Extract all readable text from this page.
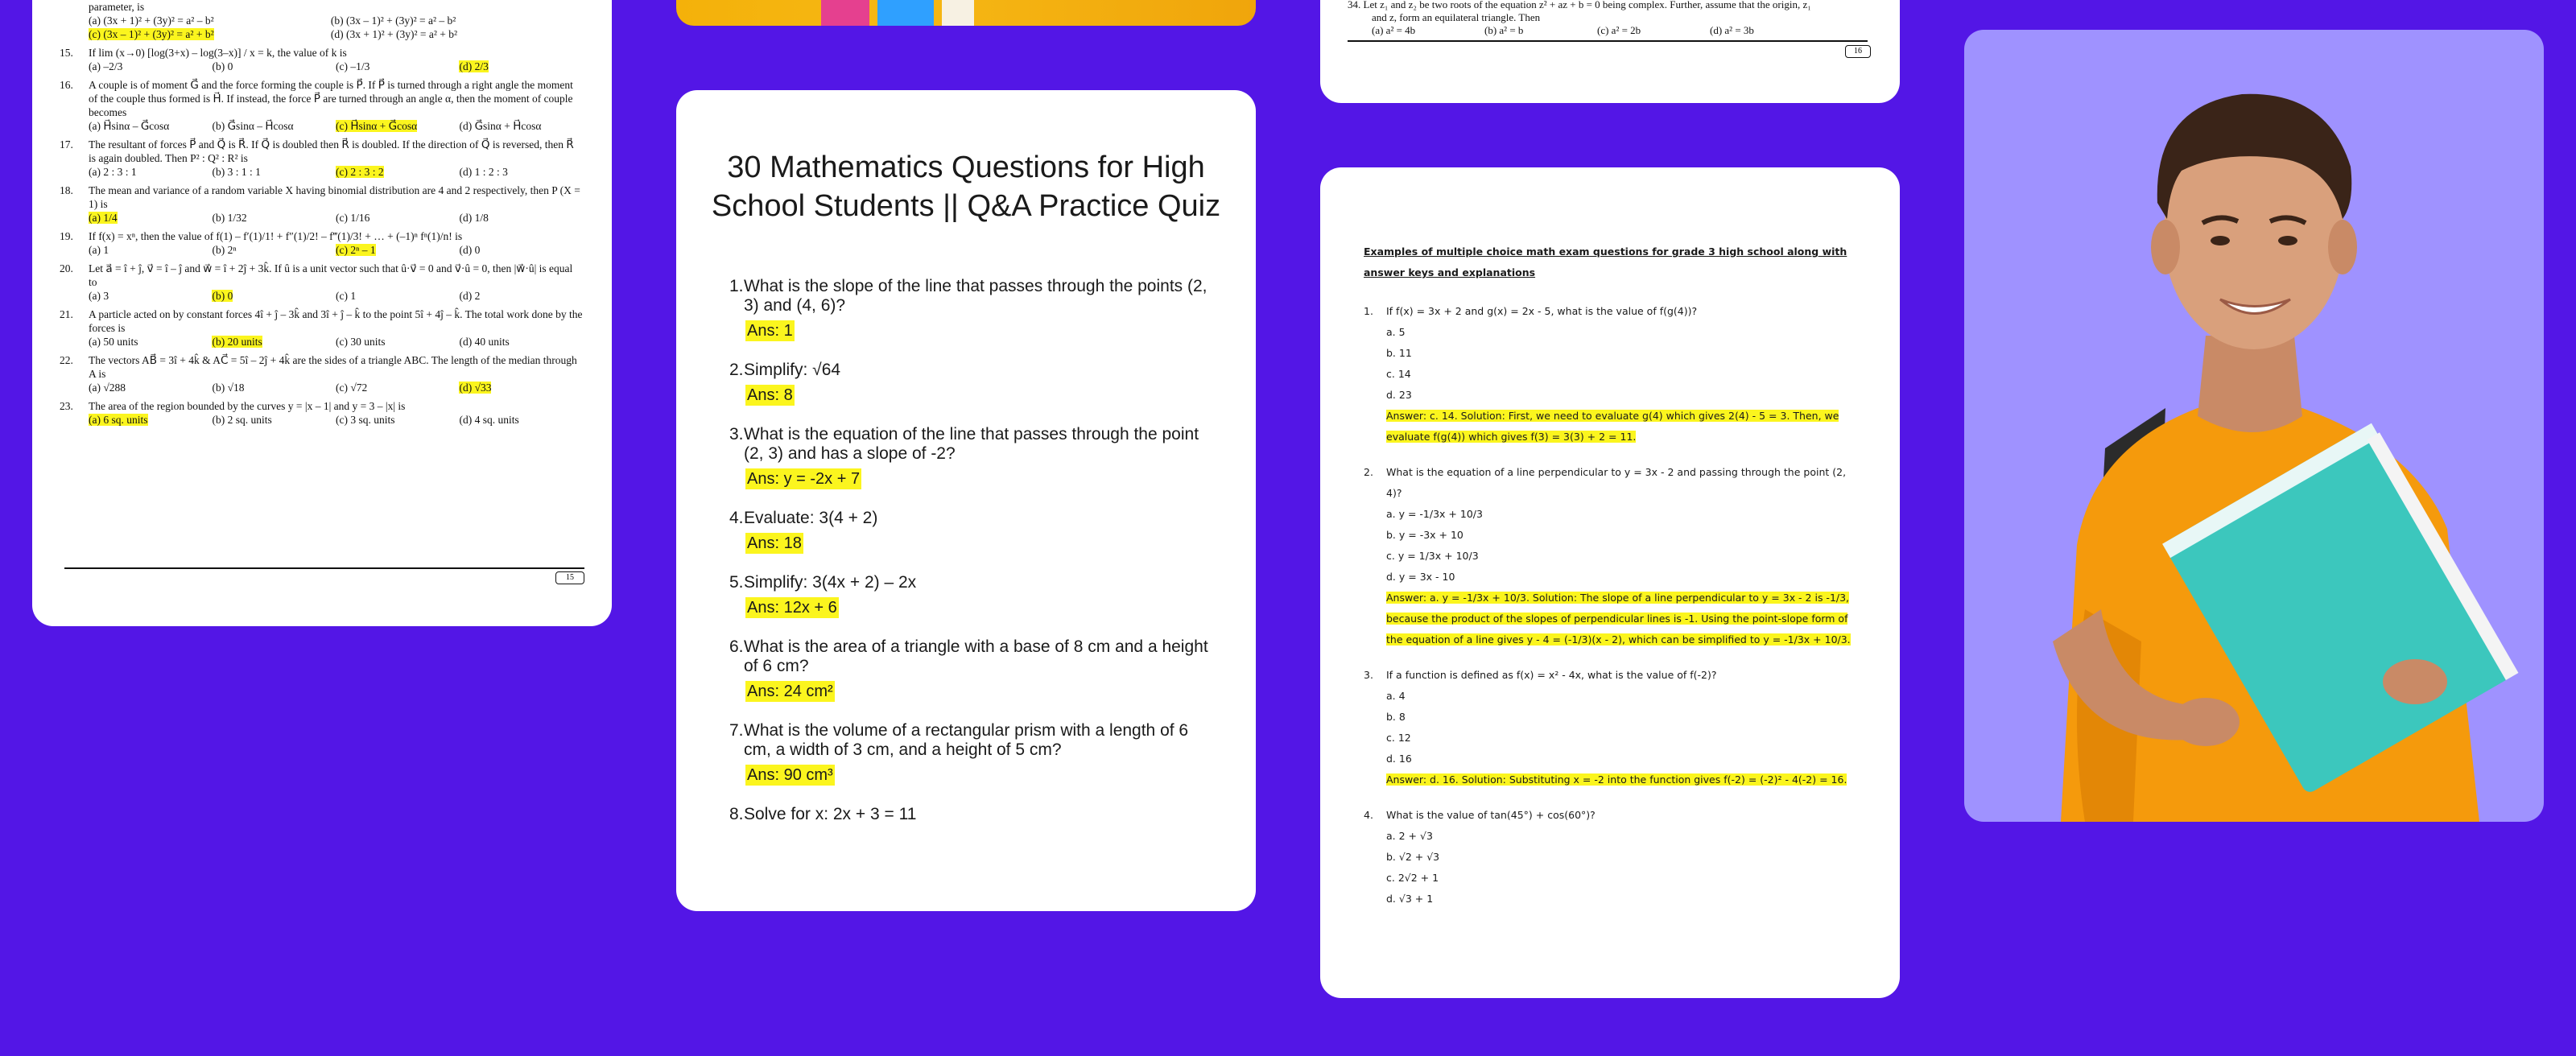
parameter, is
(a) (3x + 1)² + (3y)² = a² – b²	(b) (3x – 1)² + (3y)² = a² – b²
(c) (3x – 1)² + (3y)² = a² + b²	(d) (3x + 1)² + (3y)² = a² + b²
15. If lim (x→0) [log(3+x) – log(3–x)] / x = k, the value of k is
(a) –2/3	(b) 0	(c) –1/3	(d) 2/3
16. A couple is of moment G⃗ and the force forming the couple is P⃗. If P⃗ is turned through a right angle the moment of the couple thus formed is H⃗. If instead, the force P⃗ are turned through an angle α, then the moment of couple becomes
(a) H⃗sinα – G⃗cosα	(b) G⃗sinα – H⃗cosα	(c) H⃗sinα + G⃗cosα	(d) G⃗sinα + H⃗cosα
17. The resultant of forces P⃗ and Q⃗ is R⃗. If Q⃗ is doubled then R⃗ is doubled. If the direction of Q⃗ is reversed, then R⃗ is again doubled. Then P² : Q² : R² is
(a) 2 : 3 : 1	(b) 3 : 1 : 1	(c) 2 : 3 : 2	(d) 1 : 2 : 3
18. The mean and variance of a random variable X having binomial distribution are 4 and 2 respectively, then P (X = 1) is
(a) 1/4	(b) 1/32	(c) 1/16	(d) 1/8
19. If f(x) = xⁿ, then the value of f(1) – f′(1)/1! + f″(1)/2! – f‴(1)/3! + … + (–1)ⁿ fⁿ(1)/n! is
(a) 1	(b) 2ⁿ	(c) 2ⁿ – 1	(d) 0
20. Let a⃗ = î + ĵ, v⃗ = î – ĵ and w⃗ = î + 2ĵ + 3k̂. If û is a unit vector such that û·v⃗ = 0 and v⃗·û = 0, then |w⃗·û| is equal to
(a) 3	(b) 0	(c) 1	(d) 2
21. A particle acted on by constant forces 4î + ĵ – 3k̂ and 3î + ĵ – k̂ to the point 5î + 4ĵ – k̂. The total work done by the forces is
(a) 50 units	(b) 20 units	(c) 30 units	(d) 40 units
22. The vectors AB⃗ = 3î + 4k̂ & AC⃗ = 5î – 2ĵ + 4k̂ are the sides of a triangle ABC. The length of the median through A is
(a) √288	(b) √18	(c) √72	(d) √33
23. The area of the region bounded by the curves y = |x – 1| and y = 3 – |x| is
(a) 6 sq. units	(b) 2 sq. units	(c) 3 sq. units	(d) 4 sq. units
15
30 Mathematics Questions for High School Students || Q&A Practice Quiz
1. What is the slope of the line that passes through the points (2, 3) and (4, 6)?
Ans: 1
2. Simplify: √64
Ans: 8
3. What is the equation of the line that passes through the point (2, 3) and has a slope of -2?
Ans: y = -2x + 7
4. Evaluate: 3(4 + 2)
Ans: 18
5. Simplify: 3(4x + 2) – 2x
Ans: 12x + 6
6. What is the area of a triangle with a base of 8 cm and a height of 6 cm?
Ans: 24 cm²
7. What is the volume of a rectangular prism with a length of 6 cm, a width of 3 cm, and a height of 5 cm?
Ans: 90 cm³
8. Solve for x: 2x + 3 = 11
34. Let z₁ and z₂ be two roots of the equation z² + az + b = 0 being complex. Further, assume that the origin, z₁
and z, form an equilateral triangle. Then
(a) a² = 4b	(b) a² = b	(c) a² = 2b	(d) a² = 3b
16
Examples of multiple choice math exam questions for grade 3 high school along with answer keys and explanations
1. If f(x) = 3x + 2 and g(x) = 2x - 5, what is the value of f(g(4))?
a. 5
b. 11
c. 14
d. 23
Answer: c. 14. Solution: First, we need to evaluate g(4) which gives 2(4) - 5 = 3. Then, we evaluate f(g(4)) which gives f(3) = 3(3) + 2 = 11.
2. What is the equation of a line perpendicular to y = 3x - 2 and passing through the point (2, 4)?
a. y = -1/3x + 10/3
b. y = -3x + 10
c. y = 1/3x + 10/3
d. y = 3x - 10
Answer: a. y = -1/3x + 10/3. Solution: The slope of a line perpendicular to y = 3x - 2 is -1/3, because the product of the slopes of perpendicular lines is -1. Using the point-slope form of the equation of a line gives y - 4 = (-1/3)(x - 2), which can be simplified to y = -1/3x + 10/3.
3. If a function is defined as f(x) = x² - 4x, what is the value of f(-2)?
a. 4
b. 8
c. 12
d. 16
Answer: d. 16. Solution: Substituting x = -2 into the function gives f(-2) = (-2)² - 4(-2) = 16.
4. What is the value of tan(45°) + cos(60°)?
a. 2 + √3
b. √2 + √3
c. 2√2 + 1
d. √3 + 1
